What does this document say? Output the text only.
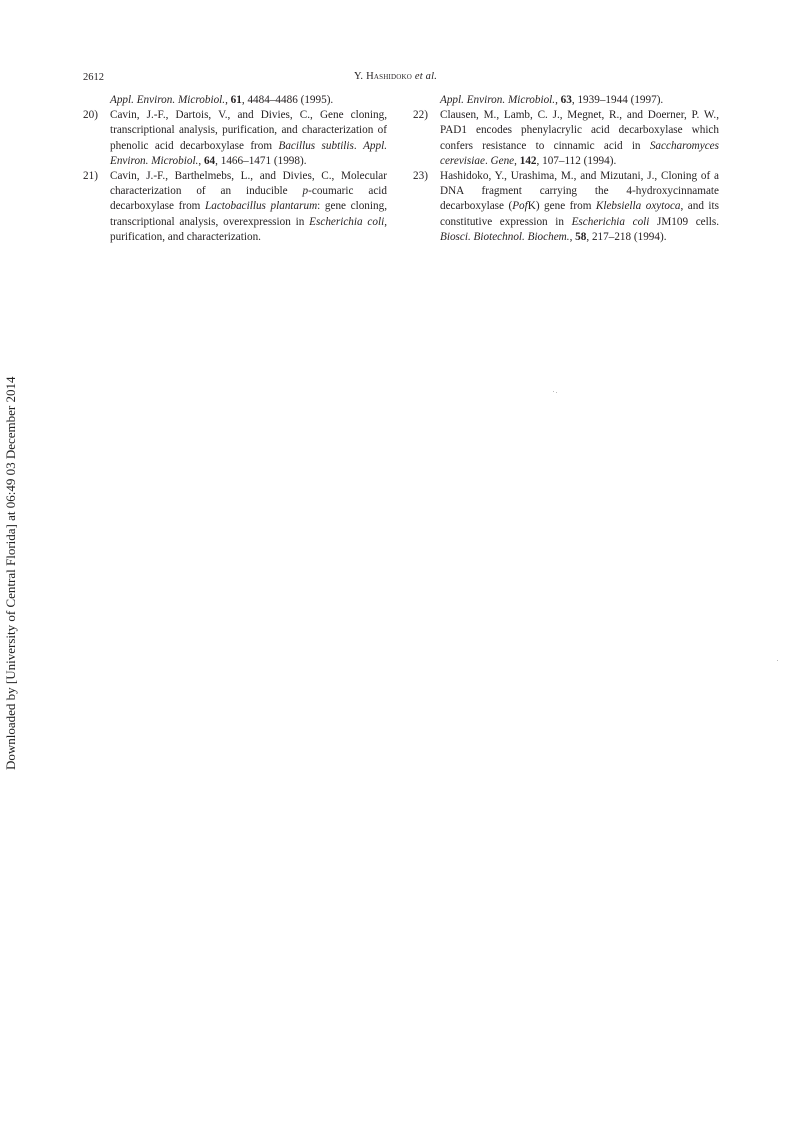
2612	Y. Hashidoko et al.
Downloaded by [University of Central Florida] at 06:49 03 December 2014

Appl. Environ. Microbiol., 61, 4484–4486 (1995).

20) Cavin, J.-F., Dartois, V., and Divies, C., Gene cloning, transcriptional analysis, purification, and characterization of phenolic acid decarboxylase from Bacillus subtilis. Appl. Environ. Microbiol., 64, 1466–1471 (1998).

21) Cavin, J.-F., Barthelmebs, L., and Divies, C., Molecular characterization of an inducible p-coumaric acid decarboxylase from Lactobacillus plantarum: gene cloning, transcriptional analysis, overexpression in Escherichia coli, purification, and characterization.

Appl. Environ. Microbiol., 63, 1939–1944 (1997).

22) Clausen, M., Lamb, C. J., Megnet, R., and Doerner, P. W., PAD1 encodes phenylacrylic acid decarboxylase which confers resistance to cinnamic acid in Saccharomyces cerevisiae. Gene, 142, 107–112 (1994).

23) Hashidoko, Y., Urashima, M., and Mizutani, J., Cloning of a DNA fragment carrying the 4-hydroxycinnamate decarboxylase (PofK) gene from Klebsiella oxytoca, and its constitutive expression in Escherichia coli JM109 cells. Biosci. Biotechnol. Biochem., 58, 217–218 (1994).
